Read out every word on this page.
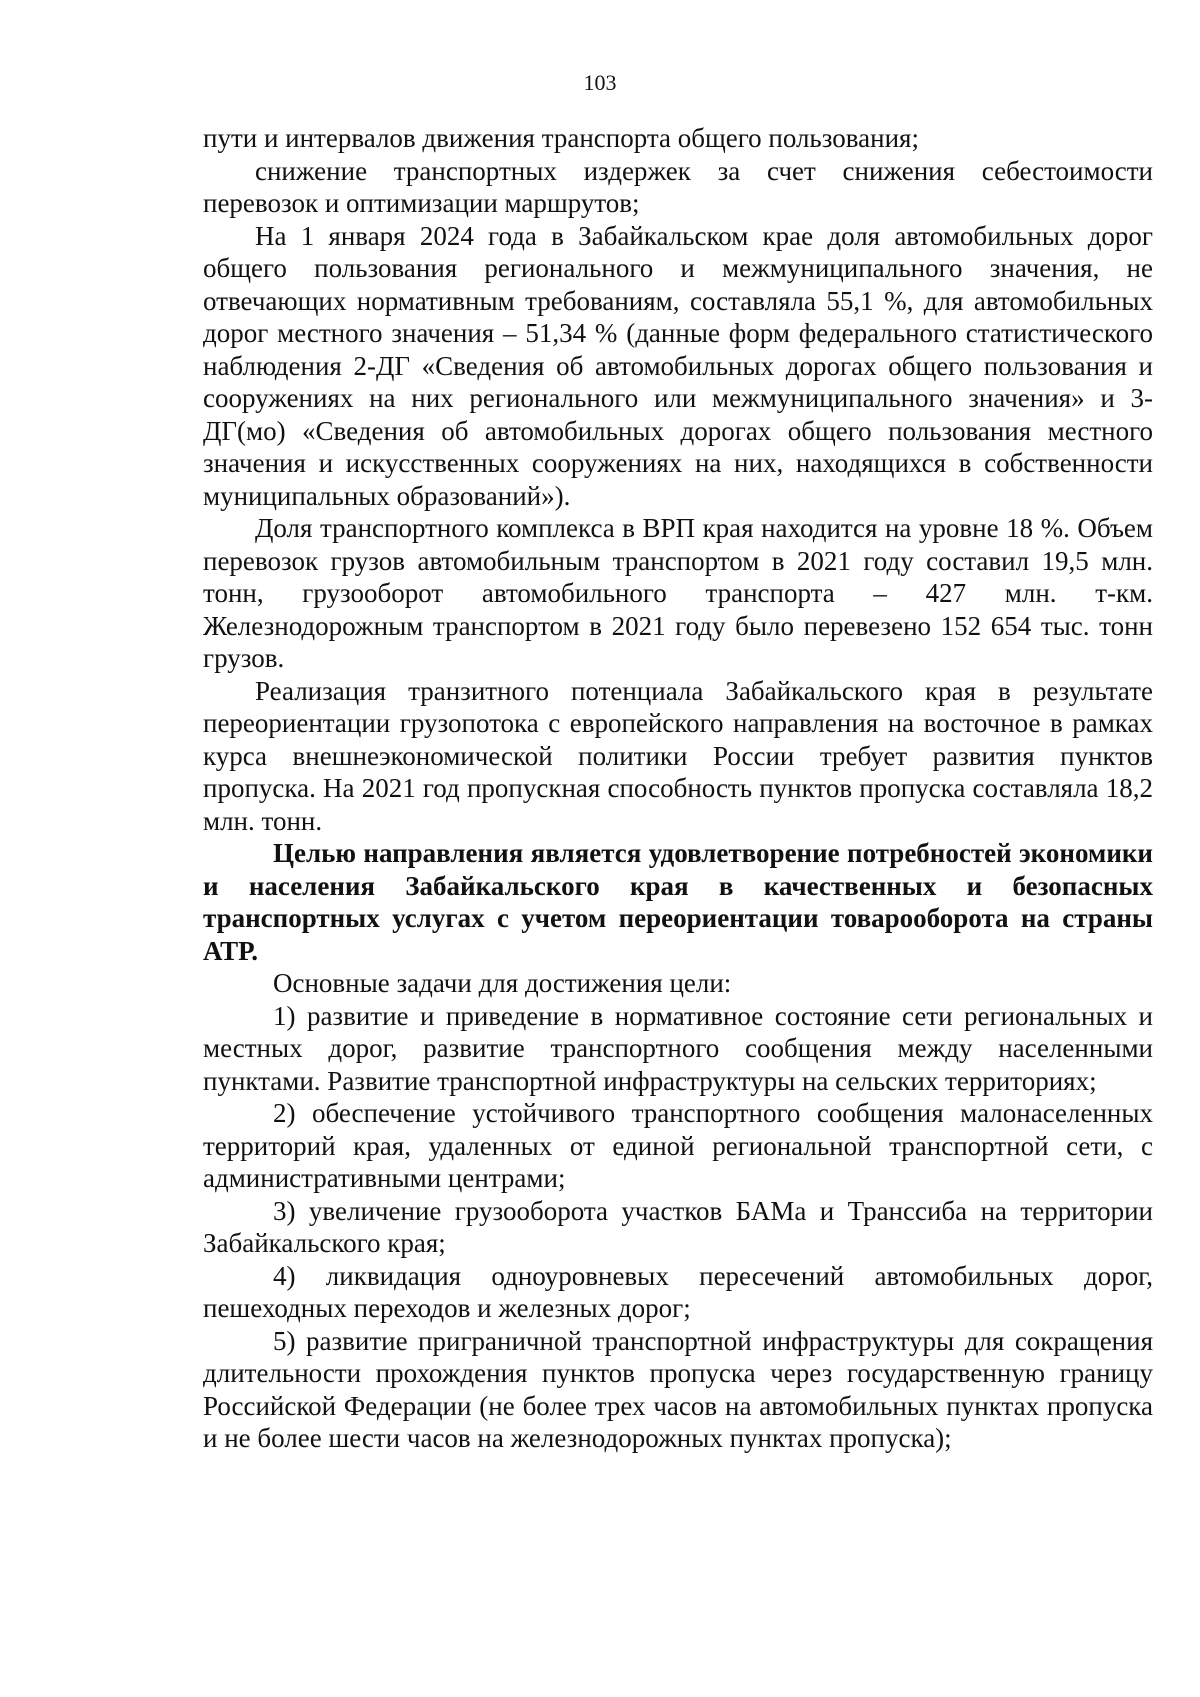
103

пути и интервалов движения транспорта общего пользования;

снижение транспортных издержек за счет снижения себестоимости перевозок и оптимизации маршрутов;

На 1 января 2024 года в Забайкальском крае доля автомобильных дорог общего пользования регионального и межмуниципального значения, не отвечающих нормативным требованиям, составляла 55,1 %, для автомобильных дорог местного значения – 51,34 % (данные форм федерального статистического наблюдения 2-ДГ «Сведения об автомобильных дорогах общего пользования и сооружениях на них регионального или межмуниципального значения» и 3-ДГ(мо) «Сведения об автомобильных дорогах общего пользования местного значения и искусственных сооружениях на них, находящихся в собственности муниципальных образований»).

Доля транспортного комплекса в ВРП края находится на уровне 18 %. Объем перевозок грузов автомобильным транспортом в 2021 году составил 19,5 млн. тонн, грузооборот автомобильного транспорта – 427 млн. т-км. Железнодорожным транспортом в 2021 году было перевезено 152 654 тыс. тонн грузов.

Реализация транзитного потенциала Забайкальского края в результате переориентации грузопотока с европейского направления на восточное в рамках курса внешнеэкономической политики России требует развития пунктов пропуска. На 2021 год пропускная способность пунктов пропуска составляла 18,2 млн. тонн.

Целью направления является удовлетворение потребностей экономики и населения Забайкальского края в качественных и безопасных транспортных услугах с учетом переориентации товарооборота на страны АТР.

Основные задачи для достижения цели:

1) развитие и приведение в нормативное состояние сети региональных и местных дорог, развитие транспортного сообщения между населенными пунктами. Развитие транспортной инфраструктуры на сельских территориях;

2) обеспечение устойчивого транспортного сообщения малонаселенных территорий края, удаленных от единой региональной транспортной сети, с административными центрами;

3) увеличение грузооборота участков БАМа и Транссиба на территории Забайкальского края;

4) ликвидация одноуровневых пересечений автомобильных дорог, пешеходных переходов и железных дорог;

5) развитие приграничной транспортной инфраструктуры для сокращения длительности прохождения пунктов пропуска через государственную границу Российской Федерации (не более трех часов на автомобильных пунктах пропуска и не более шести часов на железнодорожных пунктах пропуска);
